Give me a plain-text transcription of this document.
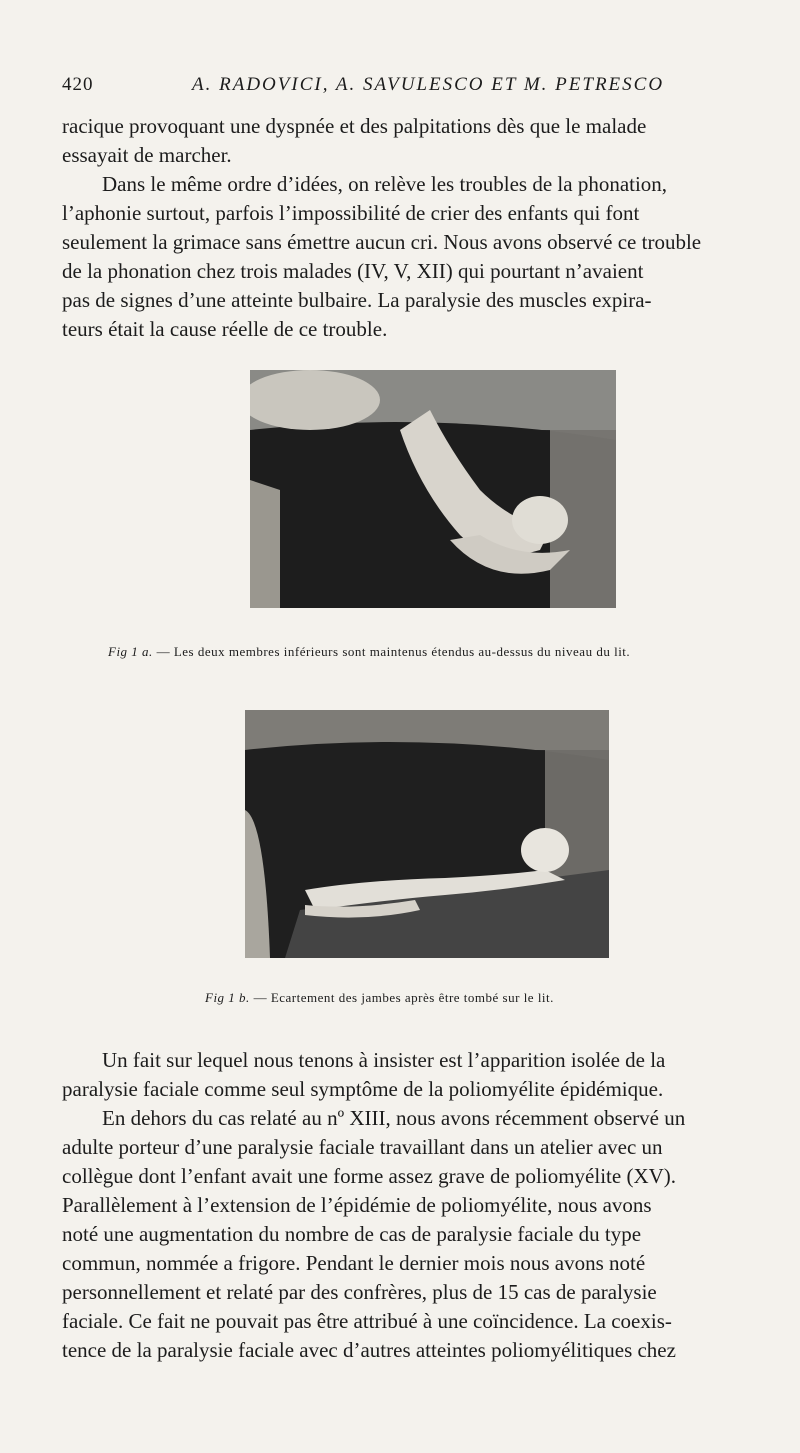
420	A. RADOVICI, A. SAVULESCO ET M. PETRESCO

racique provoquant une dyspnée et des palpitations dès que le malade
essayait de marcher.

Dans le même ordre d’idées, on relève les troubles de la phonation,
l’aphonie surtout, parfois l’impossibilité de crier des enfants qui font
seulement la grimace sans émettre aucun cri. Nous avons observé ce trouble
de la phonation chez trois malades (IV, V, XII) qui pourtant n’avaient
pas de signes d’une atteinte bulbaire. La paralysie des muscles expira-
teurs était la cause réelle de ce trouble.

Fig 1 a. — Les deux membres inférieurs sont maintenus étendus au-dessus du niveau du lit.
Fig 1 b. — Ecartement des jambes après être tombé sur le lit.

Un fait sur lequel nous tenons à insister est l’apparition isolée de la
paralysie faciale comme seul symptôme de la poliomyélite épidémique.
En dehors du cas relaté au nº XIII, nous avons récemment observé un
adulte porteur d’une paralysie faciale travaillant dans un atelier avec un
collègue dont l’enfant avait une forme assez grave de poliomyélite (XV).
Parallèlement à l’extension de l’épidémie de poliomyélite, nous avons
noté une augmentation du nombre de cas de paralysie faciale du type
commun, nommée a frigore. Pendant le dernier mois nous avons noté
personnellement et relaté par des confrères, plus de 15 cas de paralysie
faciale. Ce fait ne pouvait pas être attribué à une coïncidence. La coexis-
tence de la paralysie faciale avec d’autres atteintes poliomyélitiques chez
